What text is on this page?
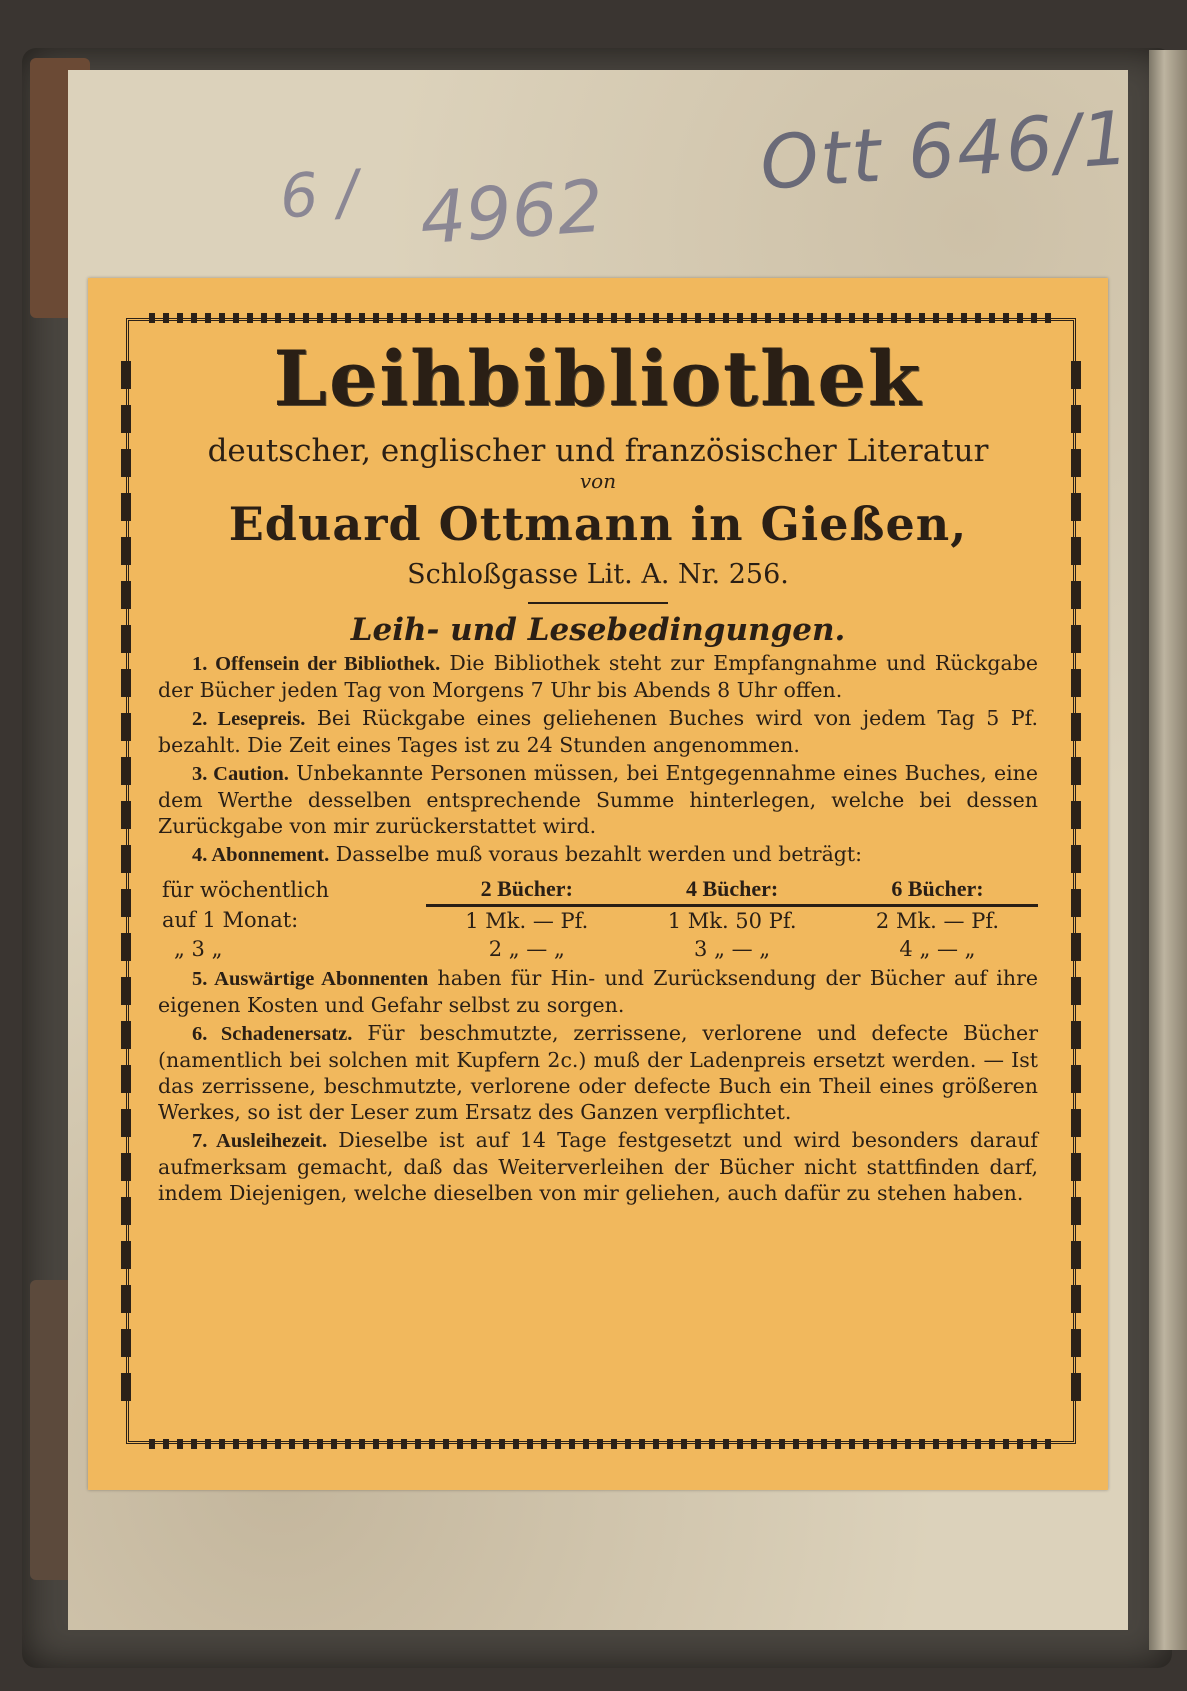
4962
6 /	Ott 646/1
Leihbibliothek
deutscher, englischer und französischer Literatur
von
Eduard Ottmann in Gießen,
Schloßgasse Lit. A. Nr. 256.
Leih- und Lesebedingungen.

1. Offensein der Bibliothek. Die Bibliothek steht zur Empfangnahme und Rückgabe der Bücher jeden Tag von Morgens 7 Uhr bis Abends 8 Uhr offen.

2. Lesepreis. Bei Rückgabe eines geliehenen Buches wird von jedem Tag 5 Pf. bezahlt. Die Zeit eines Tages ist zu 24 Stunden angenommen.

3. Caution. Unbekannte Personen müssen, bei Entgegennahme eines Buches, eine dem Werthe desselben entsprechende Summe hinterlegen, welche bei dessen Zurückgabe von mir zurückerstattet wird.

4. Abonnement. Dasselbe muß voraus bezahlt werden und beträgt:

für wöchentlich	2 Bücher:	4 Bücher:	6 Bücher:
auf 1 Monat:	1 Mk. — Pf.	1 Mk. 50 Pf.	2 Mk. — Pf.
„ 3 „	2 „ — „	3 „ — „	4 „ — „

5. Auswärtige Abonnenten haben für Hin- und Zurücksendung der Bücher auf ihre eigenen Kosten und Gefahr selbst zu sorgen.

6. Schadenersatz. Für beschmutzte, zerrissene, verlorene und defecte Bücher (namentlich bei solchen mit Kupfern 2c.) muß der Ladenpreis ersetzt werden. — Ist das zerrissene, beschmutzte, verlorene oder defecte Buch ein Theil eines größeren Werkes, so ist der Leser zum Ersatz des Ganzen verpflichtet.

7. Ausleihezeit. Dieselbe ist auf 14 Tage festgesetzt und wird besonders darauf aufmerksam gemacht, daß das Weiterverleihen der Bücher nicht stattfinden darf, indem Diejenigen, welche dieselben von mir geliehen, auch dafür zu stehen haben.
